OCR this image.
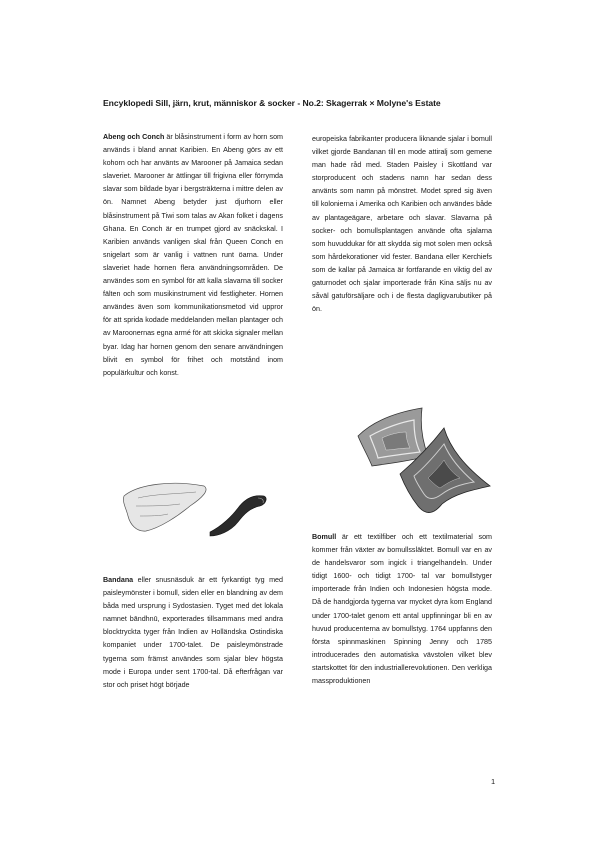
Encyklopedi Sill, järn, krut, människor & socker - No.2: Skagerrak × Molyne's Estate

Abeng och Conch är blåsinstrument i form av horn som används i bland annat Karibien. En Abeng görs av ett kohorn och har använts av Marooner på Jamaica sedan slaveriet. Marooner är ättlingar till frigivna eller förrymda slavar som bildade byar i bergsträkterna i mittre delen av ön. Namnet Abeng betyder just djurhorn eller blåsinstrument på Tiwi som talas av Akan folket i dagens Ghana. En Conch är en trumpet gjord av snäckskal. I Karibien används vanligen skal från Queen Conch en snigelart som är vanlig i vattnen runt öarna. Under slaveriet hade hornen flera användningsområden. De användes som en symbol för att kalla slavarna till socker fälten och som musikinstrument vid festligheter. Hornen användes även som kommunikationsmetod vid uppror för att sprida kodade meddelanden mellan plantager och av Maroonernas egna armé för att skicka signaler mellan byar. Idag har hornen genom den senare användningen blivit en symbol för frihet och motstånd inom populärkultur och konst.

Bandana eller snusnäsduk är ett fyrkantigt tyg med paisleymönster i bomull, siden eller en blandning av dem båda med ursprung i Sydostasien. Tyget med det lokala namnet bāndhnū, exporterades tillsammans med andra blocktryckta tyger från Indien av Holländska Ostindiska kompaniet under 1700-talet. De paisleymönstrade tygerna som främst användes som sjalar blev högsta mode i Europa under sent 1700-tal. Då efterfrågan var stor och priset högt började

europeiska fabrikanter producera liknande sjalar i bomull vilket gjorde Bandanan till en mode attiralj som gemene man hade råd med. Staden Paisley i Skottland var storproducent och stadens namn har sedan dess använts som namn på mönstret. Modet spred sig även till kolonierna i Amerika och Karibien och användes både av plantageägare, arbetare och slavar. Slavarna på socker- och bomullsplantagen använde ofta sjalarna som huvuddukar för att skydda sig mot solen men också som hårdekorationer vid fester. Bandana eller Kerchiefs som de kallar på Jamaica är fortfarande en viktig del av gaturnodet och sjalar importerade från Kina säljs nu av såväl gatuförsäljare och i de flesta dagligvarubutiker på ön.

Bomull är ett textilfiber och ett textilmaterial som kommer från växter av bomullssläktet. Bomull var en av de handelsvaror som ingick i triangelhandeln. Under tidigt 1600- och tidigt 1700- tal var bomullstyger importerade från Indien och Indonesien högsta mode. Då de handgjorda tygerna var mycket dyra kom England under 1700-talet genom ett antal uppfinningar bli en av huvud producenterna av bomullstyg. 1764 uppfanns den första spinnmaskinen Spinning Jenny och 1785 introducerades den automatiska vävstolen vilket blev startskottet för den industriallerevolutionen. Den verkliga massproduktionen

1
